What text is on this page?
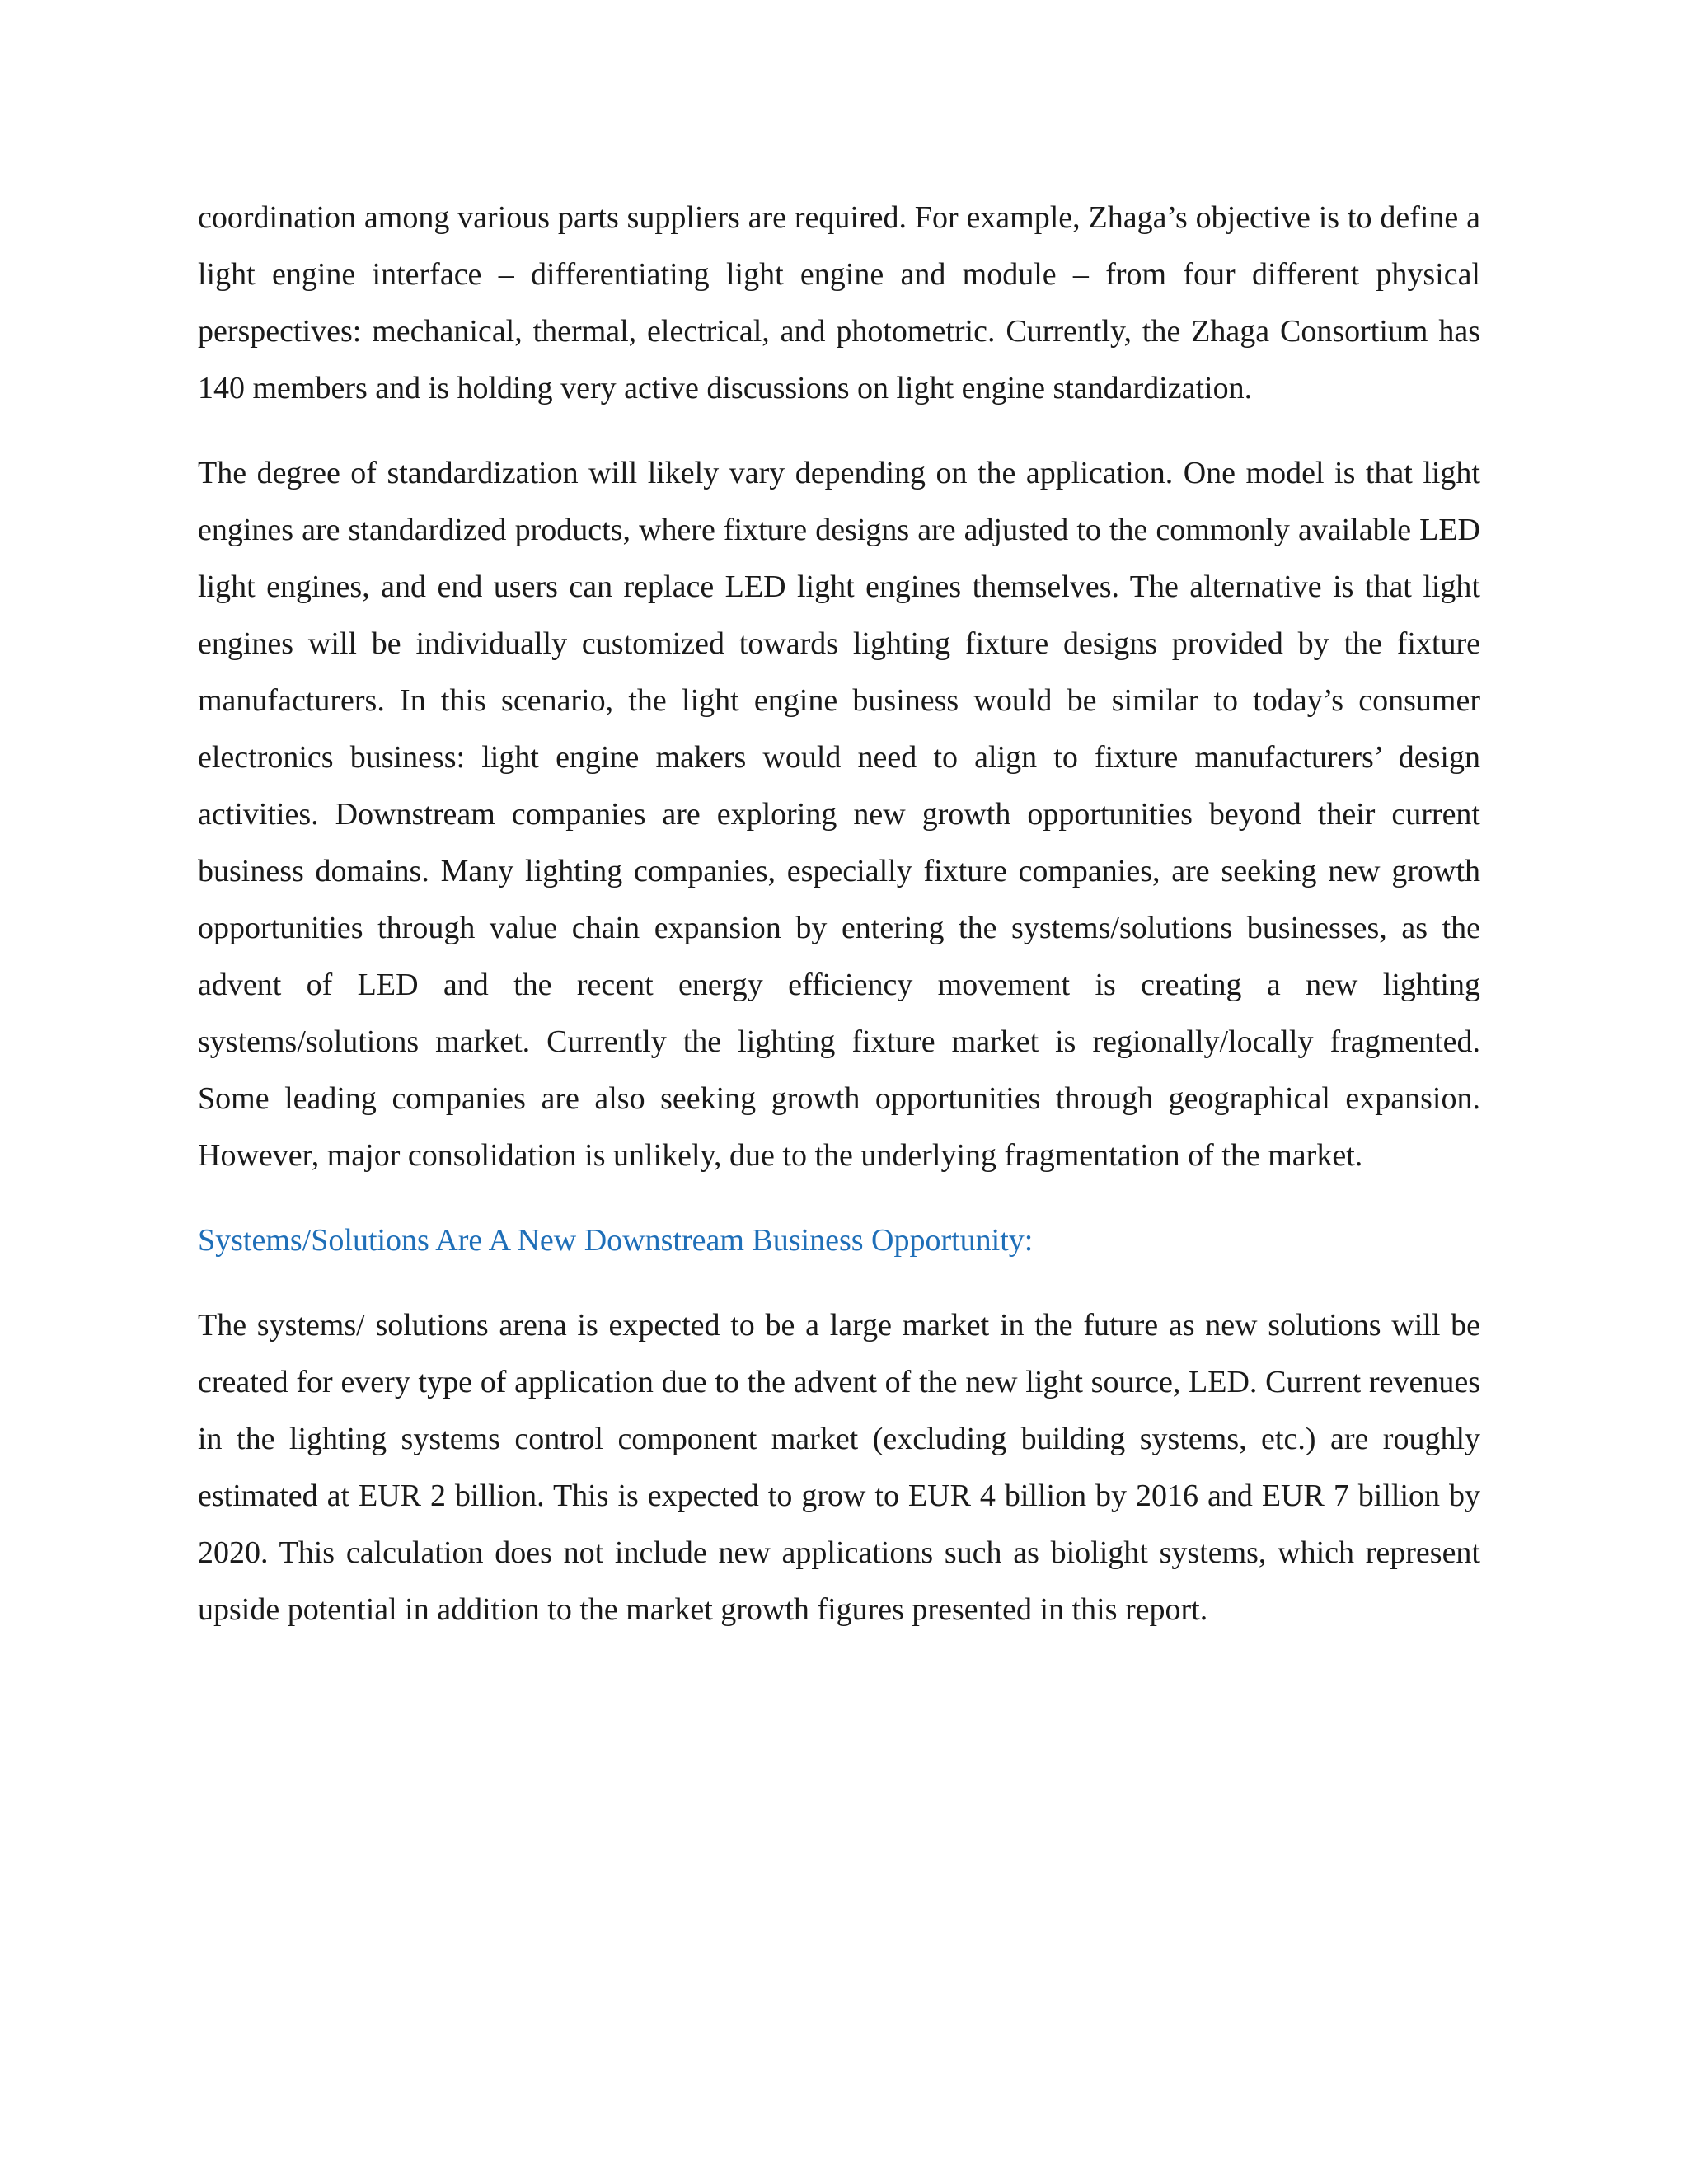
coordination among various parts suppliers are required. For example, Zhaga’s objective is to define a light engine interface – differentiating light engine and module – from four different physical perspectives: mechanical, thermal, electrical, and photometric. Currently, the Zhaga Consortium has 140 members and is holding very active discussions on light engine standardization.

The degree of standardization will likely vary depending on the application. One model is that light engines are standardized products, where fixture designs are adjusted to the commonly available LED light engines, and end users can replace LED light engines themselves. The alternative is that light engines will be individually customized towards lighting fixture designs provided by the fixture manufacturers. In this scenario, the light engine business would be similar to today’s consumer electronics business: light engine makers would need to align to fixture manufacturers’ design activities. Downstream companies are exploring new growth opportunities beyond their current business domains. Many lighting companies, especially fixture companies, are seeking new growth opportunities through value chain expansion by entering the systems/solutions businesses, as the advent of LED and the recent energy efficiency movement is creating a new lighting systems/solutions market. Currently the lighting fixture market is regionally/locally fragmented. Some leading companies are also seeking growth opportunities through geographical expansion. However, major consolidation is unlikely, due to the underlying fragmentation of the market.

Systems/Solutions Are A New Downstream Business Opportunity:

The systems/ solutions arena is expected to be a large market in the future as new solutions will be created for every type of application due to the advent of the new light source, LED. Current revenues in the lighting systems control component market (excluding building systems, etc.) are roughly estimated at EUR 2 billion. This is expected to grow to EUR 4 billion by 2016 and EUR 7 billion by 2020. This calculation does not include new applications such as biolight systems, which represent upside potential in addition to the market growth figures presented in this report.
